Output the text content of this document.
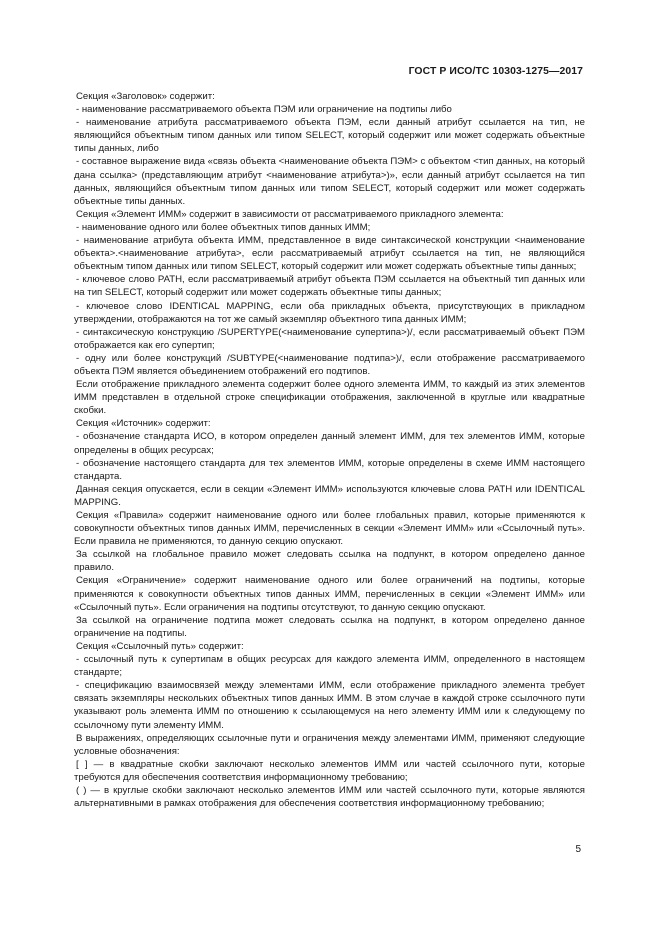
ГОСТ Р ИСО/ТС 10303-1275—2017

Секция «Заголовок» содержит:

- наименование рассматриваемого объекта ПЭМ или ограничение на подтипы либо

- наименование атрибута рассматриваемого объекта ПЭМ, если данный атрибут ссылается на тип, не являющийся объектным типом данных или типом SELECT, который содержит или может содержать объектные типы данных, либо

- составное выражение вида «связь объекта <наименование объекта ПЭМ> с объектом <тип данных, на который дана ссылка> (представляющим атрибут <наименование атрибута>)», если данный атрибут ссылается на тип данных, являющийся объектным типом данных или типом SELECT, который содержит или может содержать объектные типы данных.

Секция «Элемент ИММ» содержит в зависимости от рассматриваемого прикладного элемента:

- наименование одного или более объектных типов данных ИММ;

- наименование атрибута объекта ИММ, представленное в виде синтаксической конструкции <наименование объекта>.<наименование атрибута>, если рассматриваемый атрибут ссылается на тип, не являющийся объектным типом данных или типом SELECT, который содержит или может содержать объектные типы данных;

- ключевое слово PATH, если рассматриваемый атрибут объекта ПЭМ ссылается на объектный тип данных или на тип SELECT, который содержит или может содержать объектные типы данных;

- ключевое слово IDENTICAL MAPPING, если оба прикладных объекта, присутствующих в прикладном утверждении, отображаются на тот же самый экземпляр объектного типа данных ИММ;

- синтаксическую конструкцию /SUPERTYPE(<наименование супертипа>)/, если рассматриваемый объект ПЭМ отображается как его супертип;

- одну или более конструкций /SUBTYPE(<наименование подтипа>)/, если отображение рассматриваемого объекта ПЭМ является объединением отображений его подтипов.

Если отображение прикладного элемента содержит более одного элемента ИММ, то каждый из этих элементов ИММ представлен в отдельной строке спецификации отображения, заключенной в круглые или квадратные скобки.

Секция «Источник» содержит:

- обозначение стандарта ИСО, в котором определен данный элемент ИММ, для тех элементов ИММ, которые определены в общих ресурсах;

- обозначение настоящего стандарта для тех элементов ИММ, которые определены в схеме ИММ настоящего стандарта.

Данная секция опускается, если в секции «Элемент ИММ» используются ключевые слова PATH или IDENTICAL MAPPING.

Секция «Правила» содержит наименование одного или более глобальных правил, которые применяются к совокупности объектных типов данных ИММ, перечисленных в секции «Элемент ИММ» или «Ссылочный путь». Если правила не применяются, то данную секцию опускают.

За ссылкой на глобальное правило может следовать ссылка на подпункт, в котором определено данное правило.

Секция «Ограничение» содержит наименование одного или более ограничений на подтипы, которые применяются к совокупности объектных типов данных ИММ, перечисленных в секции «Элемент ИММ» или «Ссылочный путь». Если ограничения на подтипы отсутствуют, то данную секцию опускают.

За ссылкой на ограничение подтипа может следовать ссылка на подпункт, в котором определено данное ограничение на подтипы.

Секция «Ссылочный путь» содержит:

- ссылочный путь к супертипам в общих ресурсах для каждого элемента ИММ, определенного в настоящем стандарте;

- спецификацию взаимосвязей между элементами ИММ, если отображение прикладного элемента требует связать экземпляры нескольких объектных типов данных ИММ. В этом случае в каждой строке ссылочного пути указывают роль элемента ИММ по отношению к ссылающемуся на него элементу ИММ или к следующему по ссылочному пути элементу ИММ.

В выражениях, определяющих ссылочные пути и ограничения между элементами ИММ, применяют следующие условные обозначения:

[ ] — в квадратные скобки заключают несколько элементов ИММ или частей ссылочного пути, которые требуются для обеспечения соответствия информационному требованию;

( ) — в круглые скобки заключают несколько элементов ИММ или частей ссылочного пути, которые являются альтернативными в рамках отображения для обеспечения соответствия информационному требованию;

5
